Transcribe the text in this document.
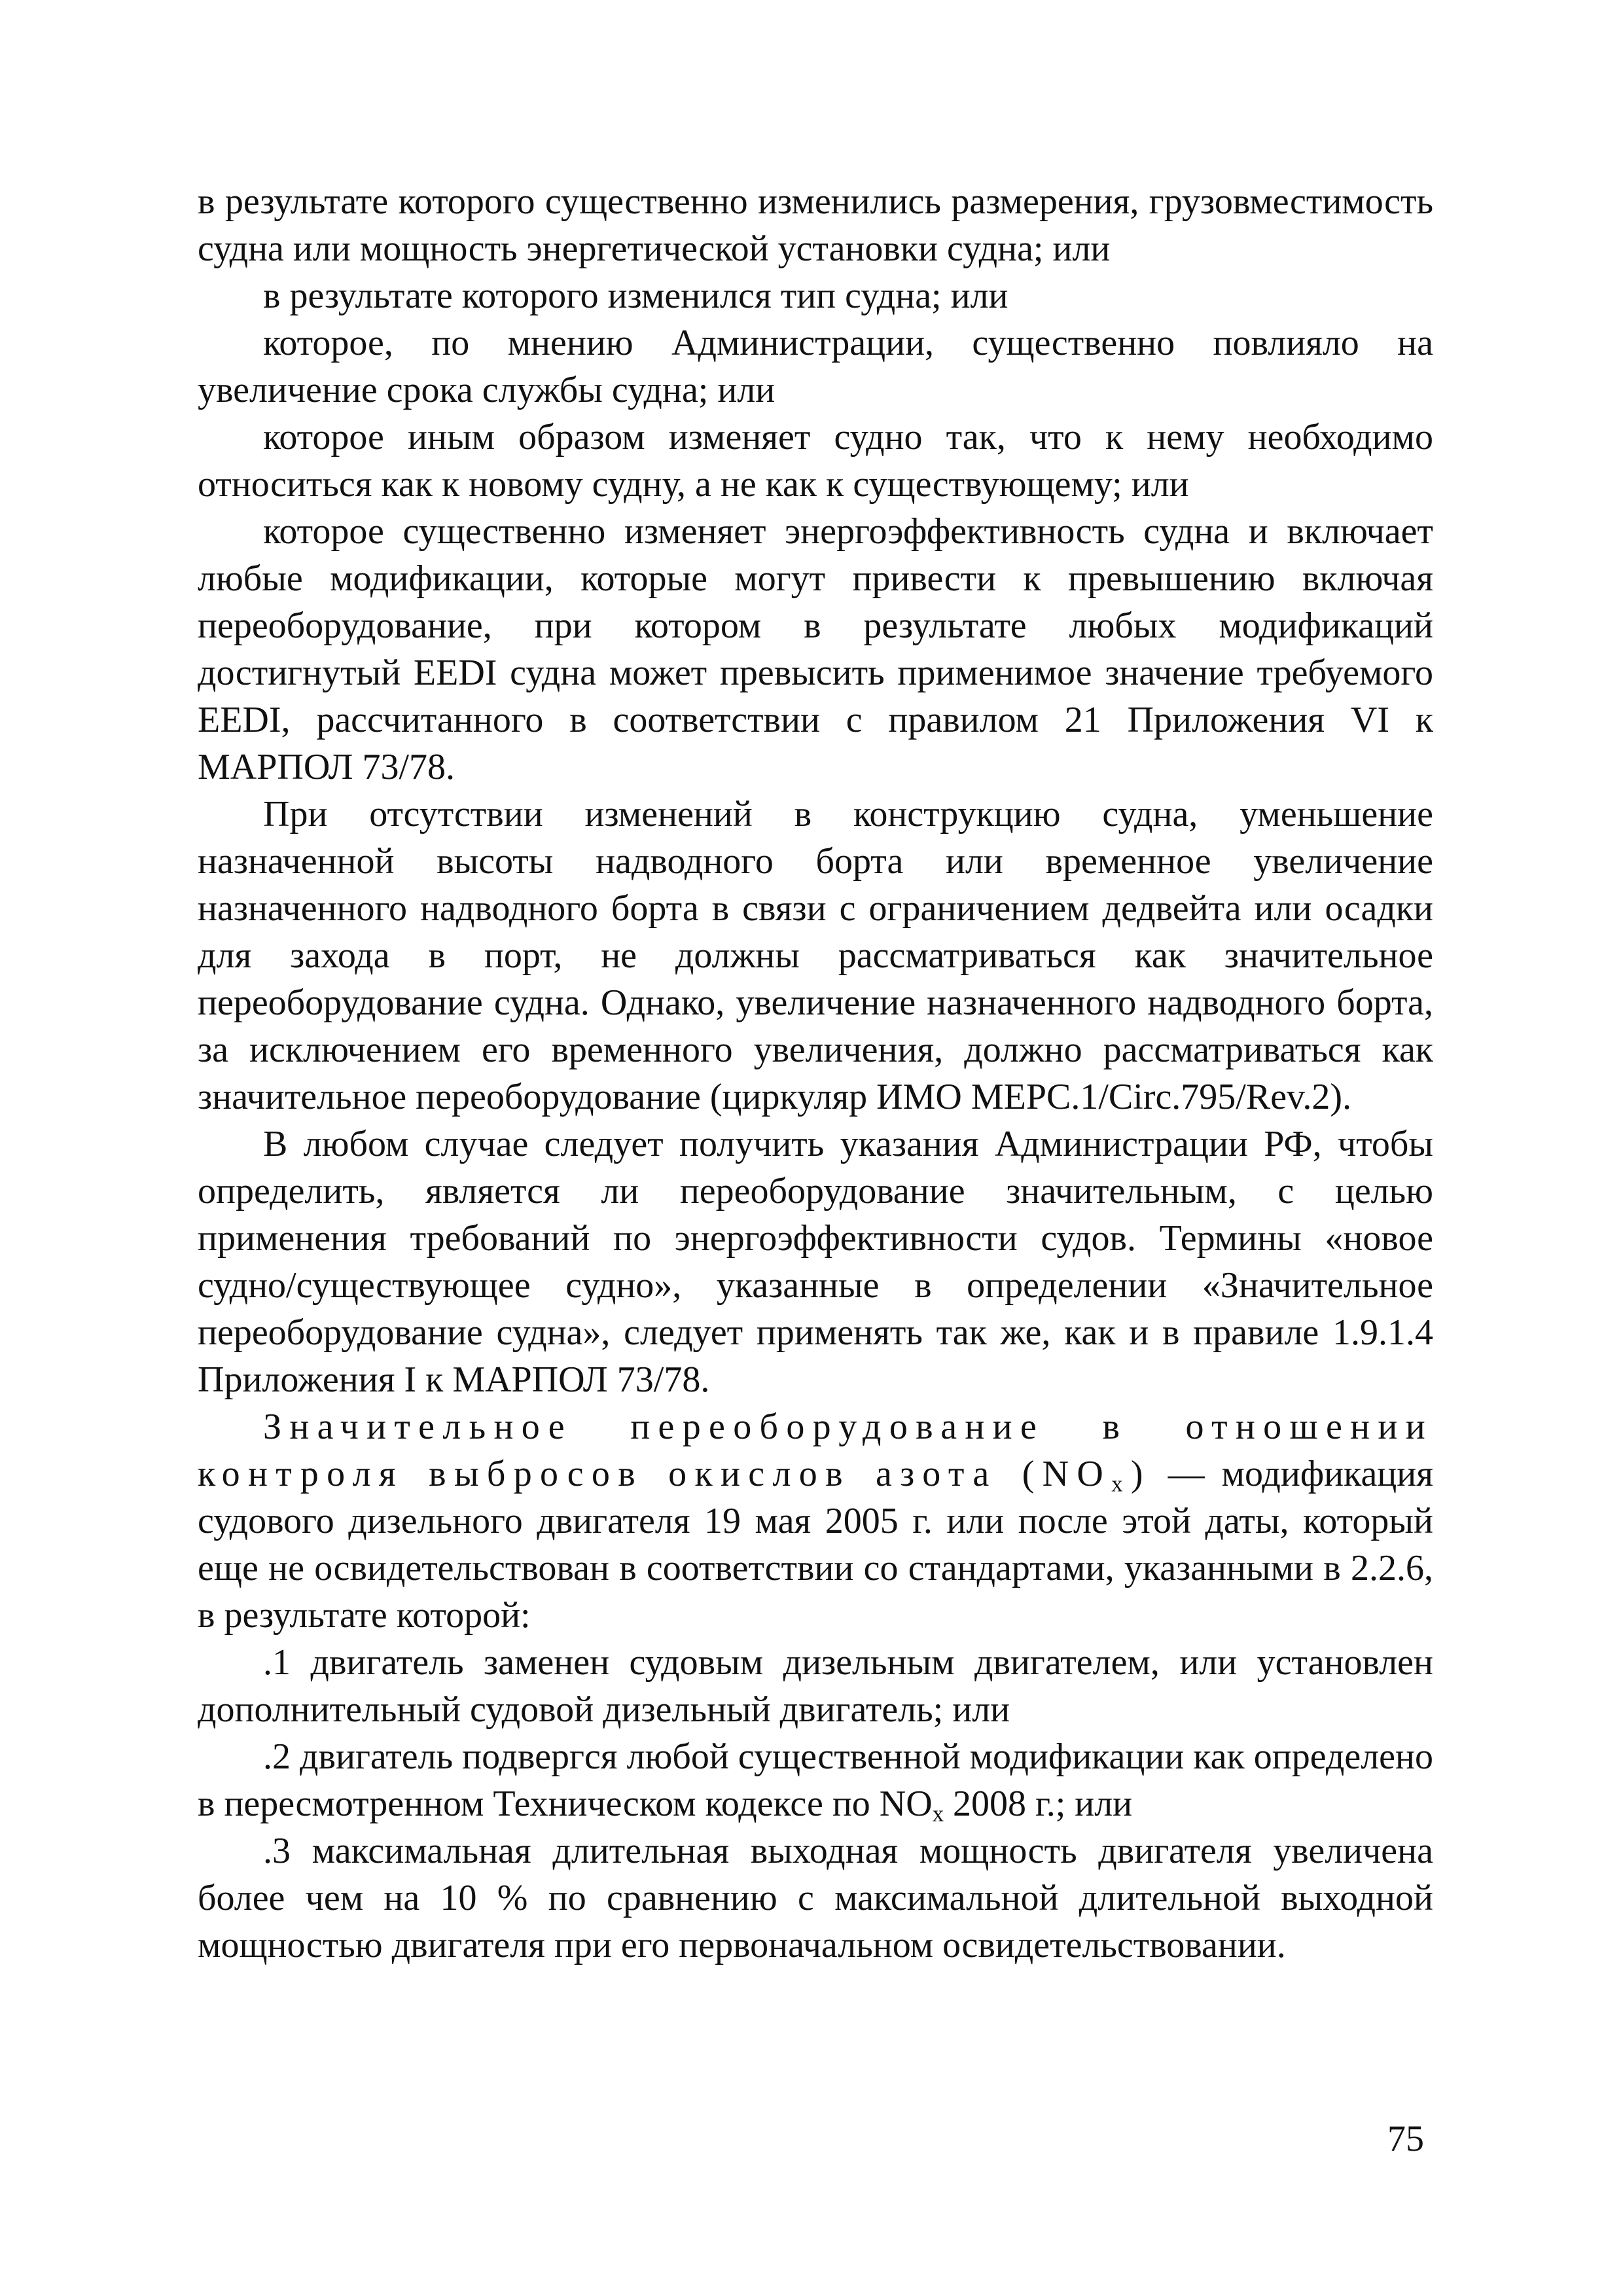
в результате которого существенно изменились размерения, грузовместимость судна или мощность энергетической установки судна; или

в результате которого изменился тип судна; или

которое, по мнению Администрации, существенно повлияло на увеличение срока службы судна; или

которое иным образом изменяет судно так, что к нему необходимо относиться как к новому судну, а не как к существующему; или

которое существенно изменяет энергоэффективность судна и включает любые модификации, которые могут привести к превышению включая переоборудование, при котором в результате любых модификаций достигнутый EEDI судна может превысить применимое значение требуемого EEDI, рассчитанного в соответствии с правилом 21 Приложения VI к МАРПОЛ 73/78.

При отсутствии изменений в конструкцию судна, уменьшение назначенной высоты надводного борта или временное увеличение назначенного надводного борта в связи с ограничением дедвейта или осадки для захода в порт, не должны рассматриваться как значительное переоборудование судна. Однако, увеличение назначенного надводного борта, за исключением его временного увеличения, должно рассматриваться как значительное переоборудование (циркуляр ИМО MEPC.1/Circ.795/Rev.2).

В любом случае следует получить указания Администрации РФ, чтобы определить, является ли переоборудование значительным, с целью применения требований по энергоэффективности судов. Термины «новое судно/существующее судно», указанные в определении «Значительное переоборудование судна», следует применять так же, как и в правиле 1.9.1.4 Приложения I к МАРПОЛ 73/78.

Значительное переоборудование в отношении контроля выбросов окислов азота $(NO_x)$ — модификация судового дизельного двигателя 19 мая 2005 г. или после этой даты, который еще не освидетельствован в соответствии со стандартами, указанными в 2.2.6, в результате которой:

.1 двигатель заменен судовым дизельным двигателем, или установлен дополнительный судовой дизельный двигатель; или

.2 двигатель подвергся любой существенной модификации как определено в пересмотренном Техническом кодексе по $NO_x$ 2008 г.; или

.3 максимальная длительная выходная мощность двигателя увеличена более чем на 10 % по сравнению с максимальной длительной выходной мощностью двигателя при его первоначальном освидетельствовании.

75
